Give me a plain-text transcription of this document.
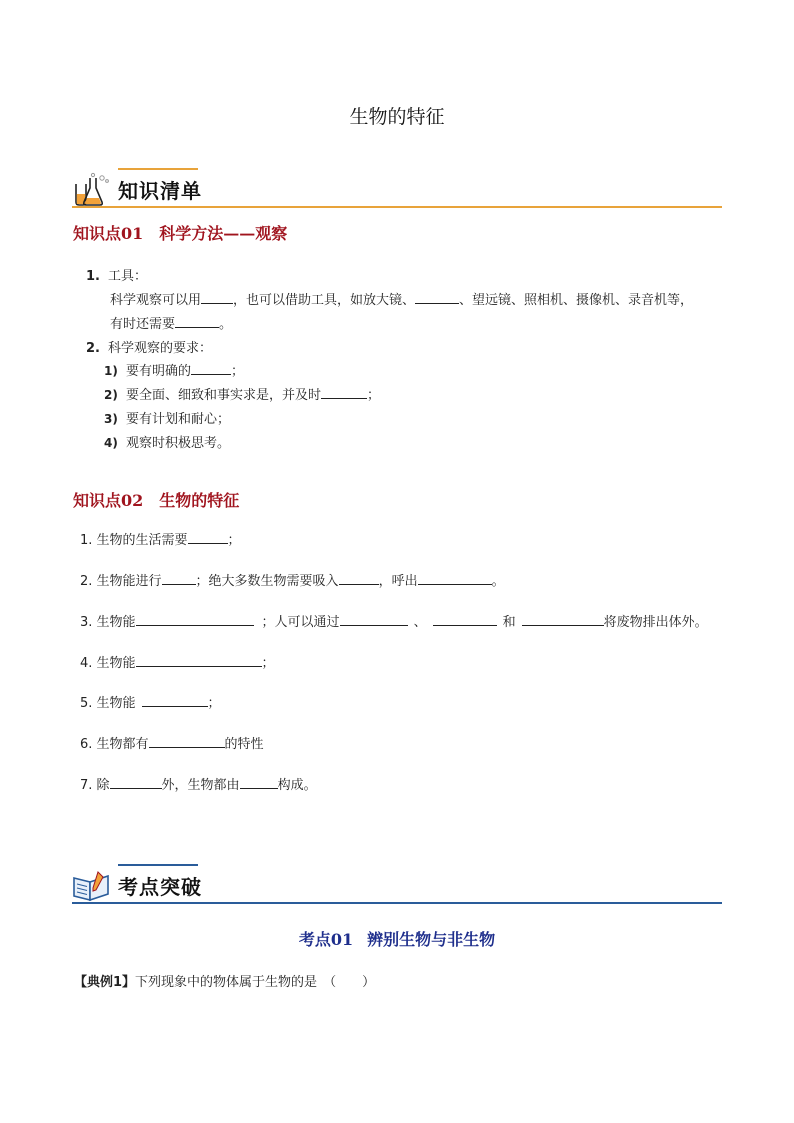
生物的特征
知识清单
知识点01 科学方法——观察
1. 工具：
科学观察可以用 ，也可以借助工具，如放大镜、	、望远镜、照相机、摄像机、录音机等，
有时还需要	。
2. 科学观察的要求：
1) 要有明确的	；
2) 要全面、细致和事实求是，并及时	；
3) 要有计划和耐心；
4) 观察时积极思考。
知识点02 生物的特征
1. 生物的生活需要	；
2. 生物能进行	；绝大多数生物需要吸入	，呼出	。
3. 生物能	；人可以通过	、	和	将废物排出体外。
4. 生物能	；
5. 生物能	；
6. 生物都有	的特性
7. 除	外，生物都由	构成。
考点突破
考点01 辨别生物与非生物
【典例1】下列现象中的物体属于生物的是 （　　）
